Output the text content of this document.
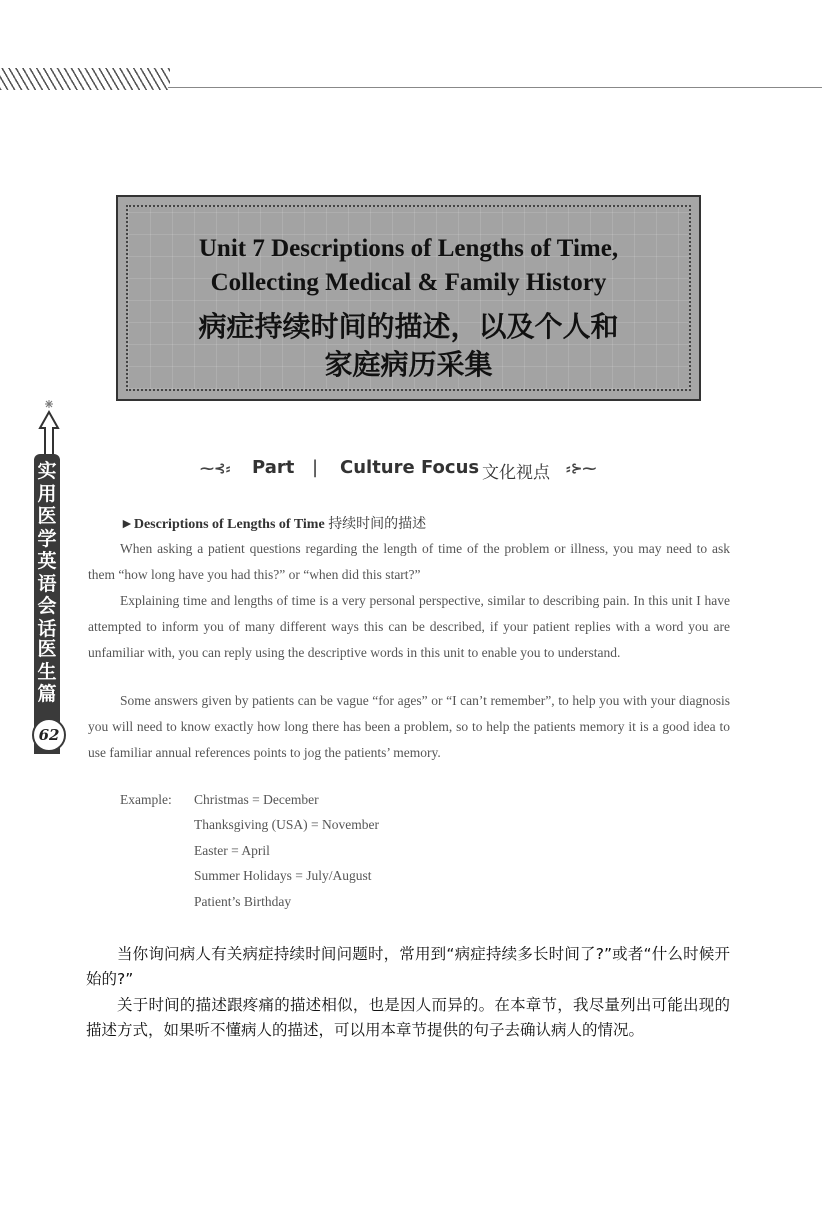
实用医学英语会话
医生篇
62
Unit 7 Descriptions of Lengths of Time,
Collecting Medical & Family History
病症持续时间的描述，以及个人和
家庭病历采集
⁓⊰⸗ Part | Culture Focus 文化视点 ⸗⊱⁓
►Descriptions of Lengths of Time 持续时间的描述
When asking a patient questions regarding the length of time of the problem or illness, you may need to ask them “how long have you had this?” or “when did this start?”
Explaining time and lengths of time is a very personal perspective, similar to describing pain. In this unit I have attempted to inform you of many different ways this can be described, if your patient replies with a word you are unfamiliar with, you can reply using the descriptive words in this unit to enable you to understand.
Some answers given by patients can be vague “for ages” or “I can’t remember”, to help you with your diagnosis you will need to know exactly how long there has been a problem, so to help the patients memory it is a good idea to use familiar annual references points to jog the patients’ memory.
Example: Christmas = December
Thanksgiving (USA) = November
Easter = April
Summer Holidays = July/August
Patient’s Birthday
当你询问病人有关病症持续时间问题时，常用到“病症持续多长时间了?”或者“什么时候开始的?”
关于时间的描述跟疼痛的描述相似，也是因人而异的。在本章节，我尽量列出可能出现的描述方式，如果听不懂病人的描述，可以用本章节提供的句子去确认病人的情况。
